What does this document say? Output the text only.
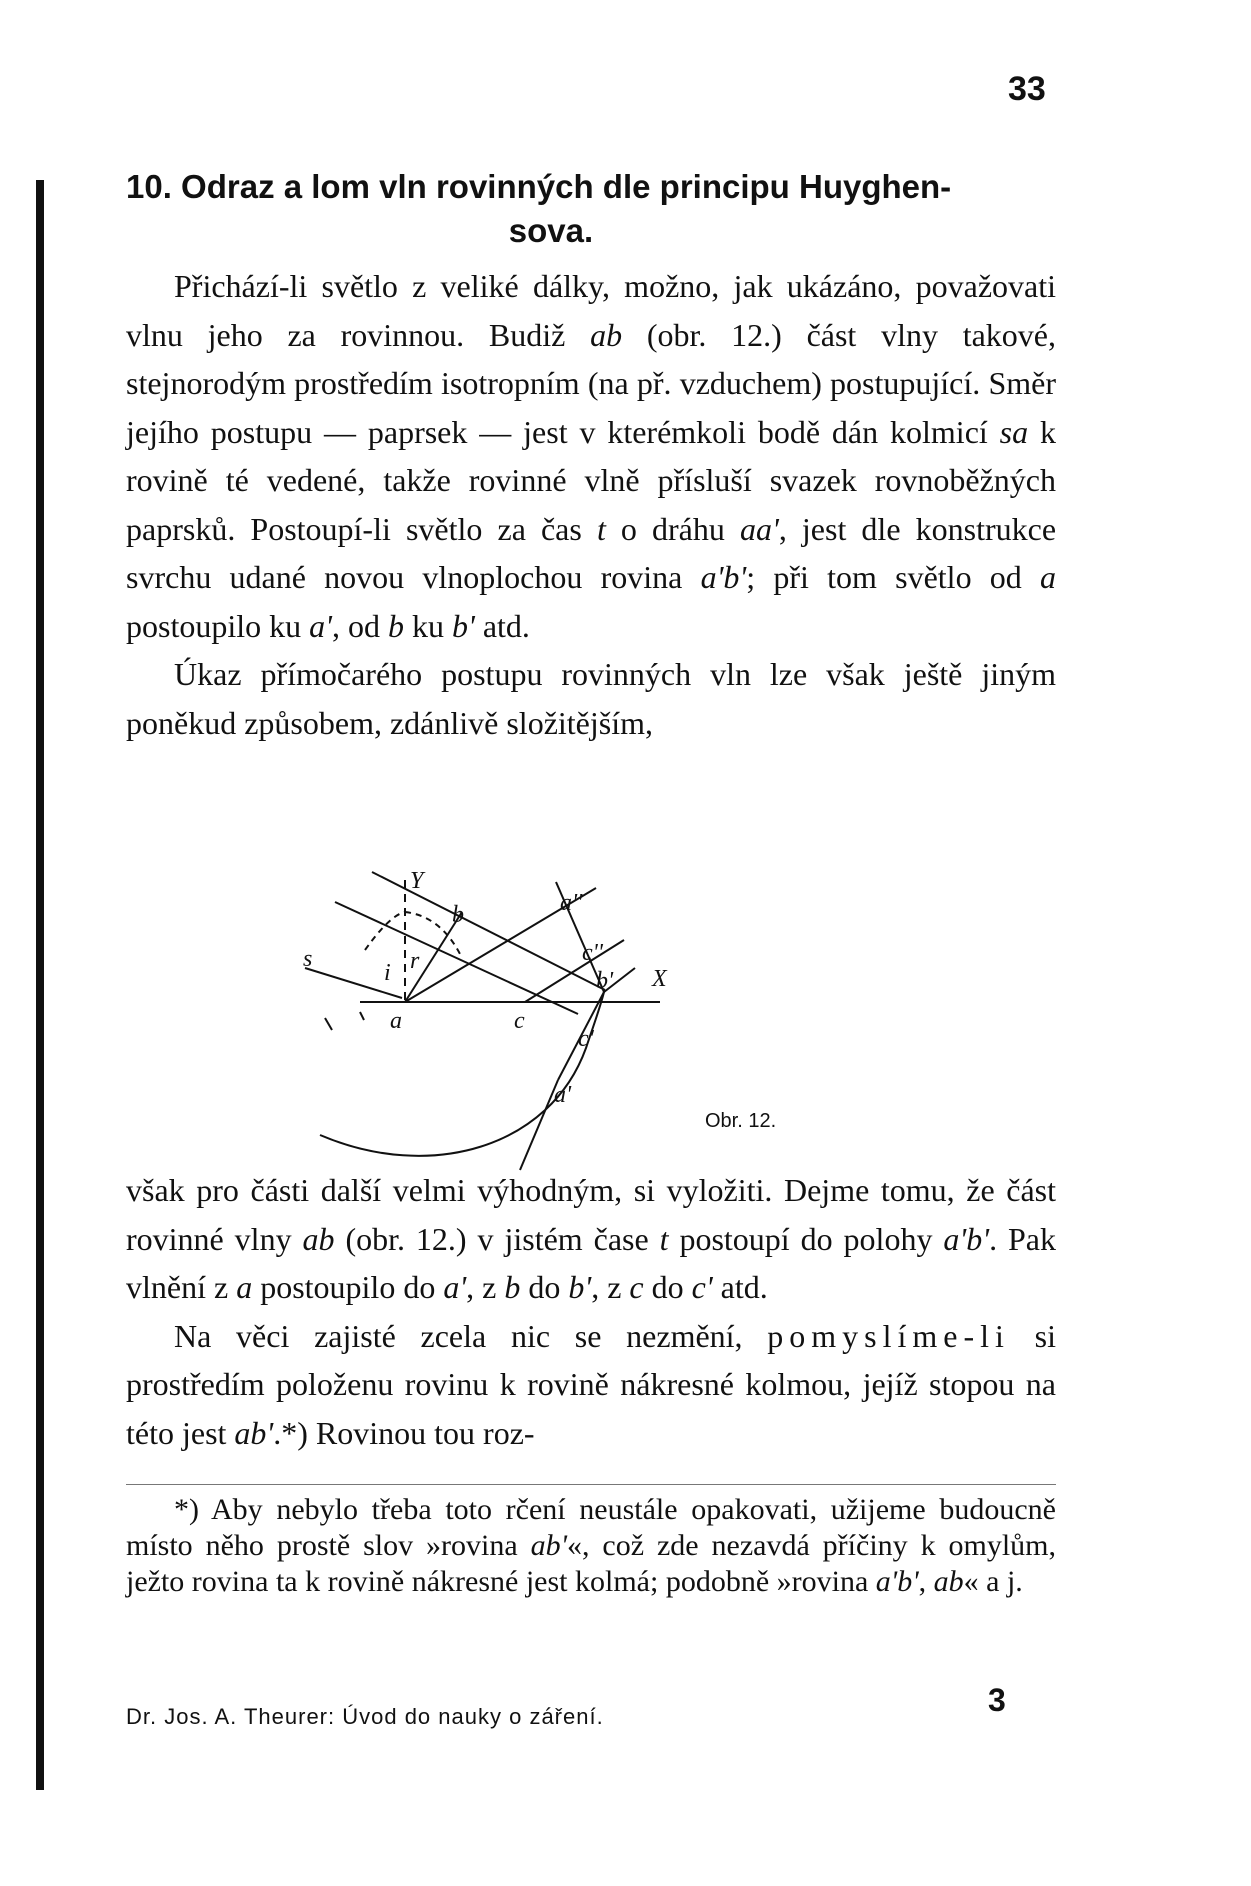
33
10. Odraz a lom vln rovinných dle principu Huyghen-
sova.

Přichází-li světlo z veliké dálky, možno, jak ukázáno, považovati vlnu jeho za rovinnou. Budiž ab (obr. 12.) část vlny takové, stejnorodým prostředím isotropním (na př. vzduchem) postupující. Směr jejího postupu — paprsek — jest v kterémkoli bodě dán kolmicí sa k rovině té vedené, takže rovinné vlně přísluší svazek rovnoběžných paprsků. Postoupí-li světlo za čas t o dráhu aa', jest dle konstrukce svrchu udané novou vlnoplochou rovina a'b'; při tom světlo od a postoupilo ku a', od b ku b' atd.

Úkaz přímočarého postupu rovinných vln lze však ještě jiným poněkud způsobem, zdánlivě složitějším,

Y
b	a''
s
i r	c''
b' X
a	c
c'
a'
Obr. 12.

však pro části další velmi výhodným, si vyložiti. Dejme tomu, že část rovinné vlny ab (obr. 12.) v jistém čase t postoupí do polohy a'b'. Pak vlnění z a postoupilo do a', z b do b', z c do c' atd.

Na věci zajisté zcela nic se nezmění, pomyslíme-li si prostředím položenu rovinu k rovině nákresné kolmou, jejíž stopou na této jest ab'.*) Rovinou tou roz-

*) Aby nebylo třeba toto rčení neustále opakovati, užijeme budoucně místo něho prostě slov »rovina ab'«, což zde nezavdá příčiny k omylům, ježto rovina ta k rovině nákresné jest kolmá; podobně »rovina a'b', ab« a j.
Dr. Jos. A. Theurer: Úvod do nauky o záření.	3
